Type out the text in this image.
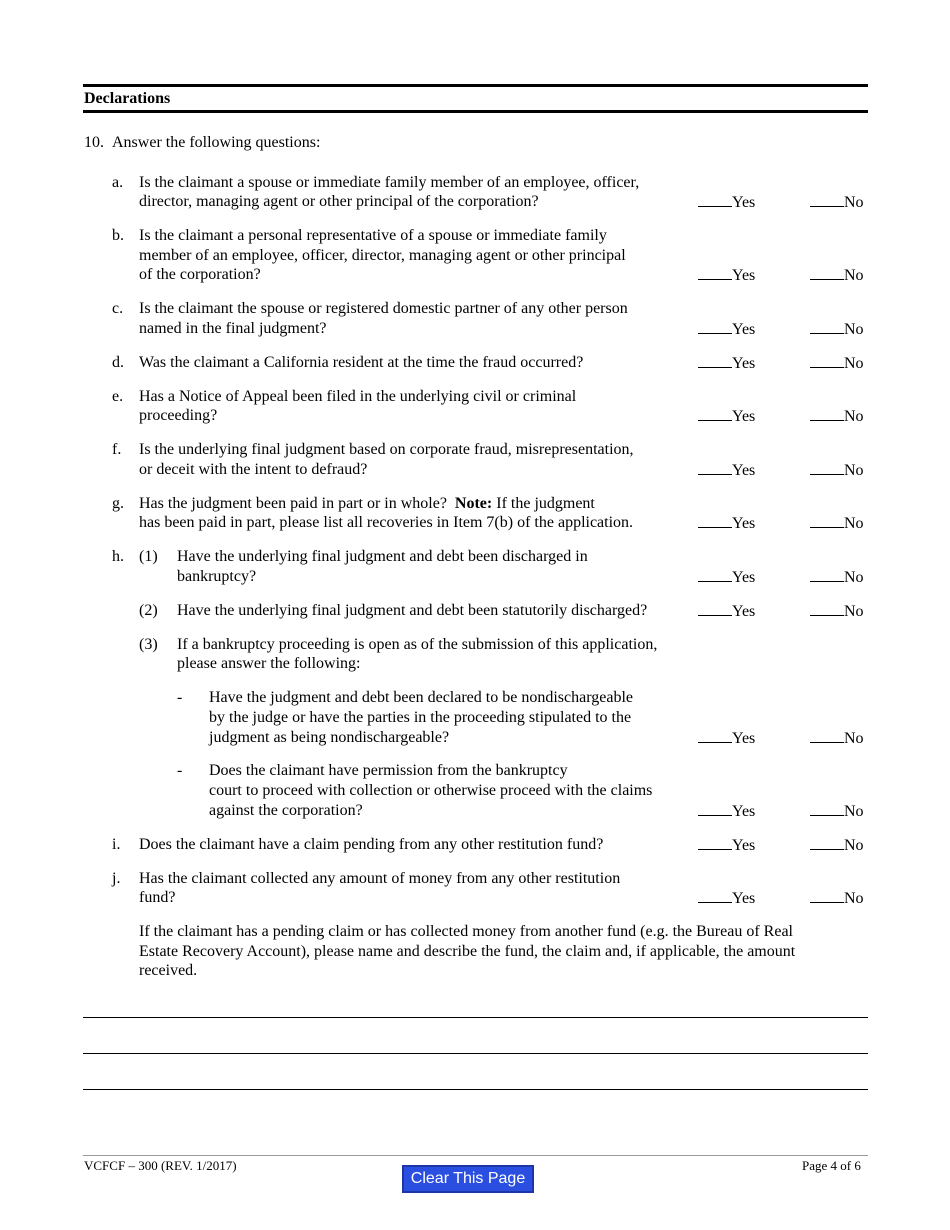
Declarations
10. Answer the following questions:
a. Is the claimant a spouse or immediate family member of an employee, officer,
director, managing agent or other principal of the corporation?	Yes	No
b. Is the claimant a personal representative of a spouse or immediate family
member of an employee, officer, director, managing agent or other principal
of the corporation?	Yes	No
c. Is the claimant the spouse or registered domestic partner of any other person
named in the final judgment?	Yes	No
d. Was the claimant a California resident at the time the fraud occurred?	Yes	No
e. Has a Notice of Appeal been filed in the underlying civil or criminal
proceeding?	Yes	No
f. Is the underlying final judgment based on corporate fraud, misrepresentation,
or deceit with the intent to defraud?	Yes	No
g. Has the judgment been paid in part or in whole? Note: If the judgment
has been paid in part, please list all recoveries in Item 7(b) of the application.	Yes	No
h. (1) Have the underlying final judgment and debt been discharged in
bankruptcy?	Yes	No
(2) Have the underlying final judgment and debt been statutorily discharged?	Yes	No
(3) If a bankruptcy proceeding is open as of the submission of this application,
please answer the following:
- Have the judgment and debt been declared to be nondischargeable
by the judge or have the parties in the proceeding stipulated to the
judgment as being nondischargeable?	Yes	No
- Does the claimant have permission from the bankruptcy
court to proceed with collection or otherwise proceed with the claims
against the corporation?	Yes	No
i. Does the claimant have a claim pending from any other restitution fund?	Yes	No
j. Has the claimant collected any amount of money from any other restitution
fund?	Yes	No
If the claimant has a pending claim or has collected money from another fund (e.g. the Bureau of Real
Estate Recovery Account), please name and describe the fund, the claim and, if applicable, the amount
received.
VCFCF – 300 (REV. 1/2017)	Page 4 of 6
Clear This Page
